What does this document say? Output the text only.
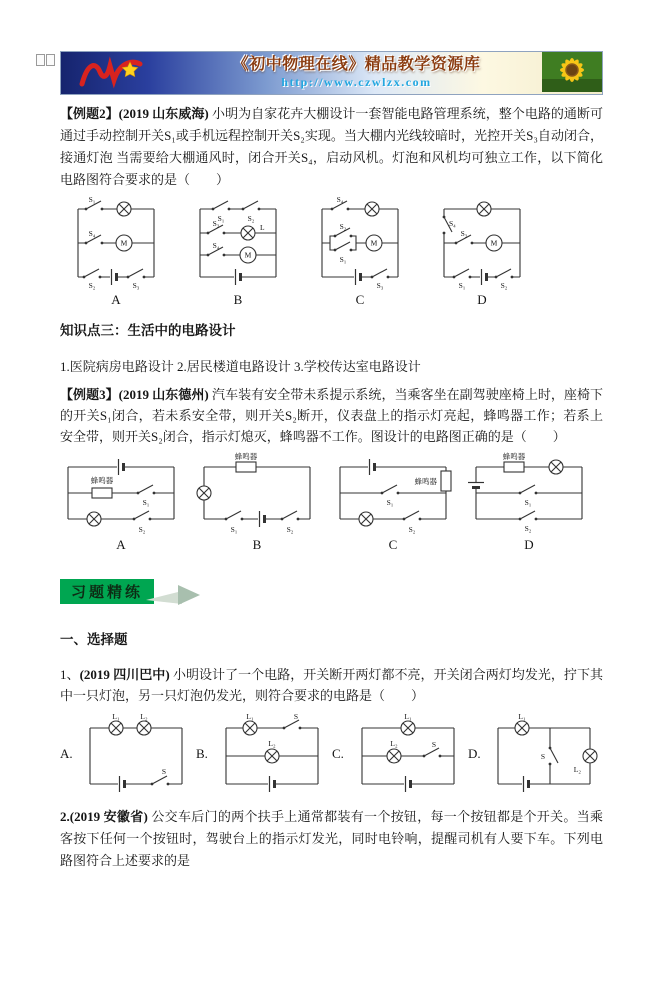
《初中物理在线》精品教学资源库
http://www.czwlzx.com

【例题2】(2019 山东威海) 小明为自家花卉大棚设计一套智能电路管理系统，整个电路的通断可通过手动控制开关S₁或手机远程控制开关S₂实现。当大棚内光线较暗时，光控开关S₃自动闭合，接通灯泡 当需要给大棚通风时，闭合开关S₄，启动风机。灯泡和风机均可独立工作，以下简化电路图符合要求的是（　　）

S₁
S₄
M
S₂	S₃
S₁	S₂
S₃	L
S₄
M
S₄
S₂
S₁
M
S₃
S₄
S₃
M
S₁	S₂
A	B	C	D

知识点三：生活中的电路设计

1.医院病房电路设计 2.居民楼道电路设计 3.学校传达室电路设计

【例题3】(2019 山东德州) 汽车装有安全带未系提示系统，当乘客坐在副驾驶座椅上时，座椅下的开关S₁闭合，若未系安全带，则开关S₂断开，仪表盘上的指示灯亮起，蜂鸣器工作；若系上安全带，则开关S₂闭合，指示灯熄灭，蜂鸣器不工作。图设计的电路图正确的是（　　）

蜂鸣器
S₁
S₂
蜂鸣器
S₁	S₂
蜂鸣器
S₁
S₂
蜂鸣器
S₁
S₂
A	B	C	D
习题精练

一、选择题

1、(2019 四川巴中) 小明设计了一个电路，开关断开两灯都不亮，开关闭合两灯均发光，拧下其中一只灯泡，另一只灯泡仍发光，则符合要求的电路是（　　）

A.
L₁	L₂
S
B.
L₁	S
L₂
C.
L₁
L₂	S
D.
L₁
S
L₂

2.(2019 安徽省) 公交车后门的两个扶手上通常都装有一个按钮，每一个按钮都是个开关。当乘客按下任何一个按钮时，驾驶台上的指示灯发光，同时电铃响，提醒司机有人要下车。下列电路图符合上述要求的是
